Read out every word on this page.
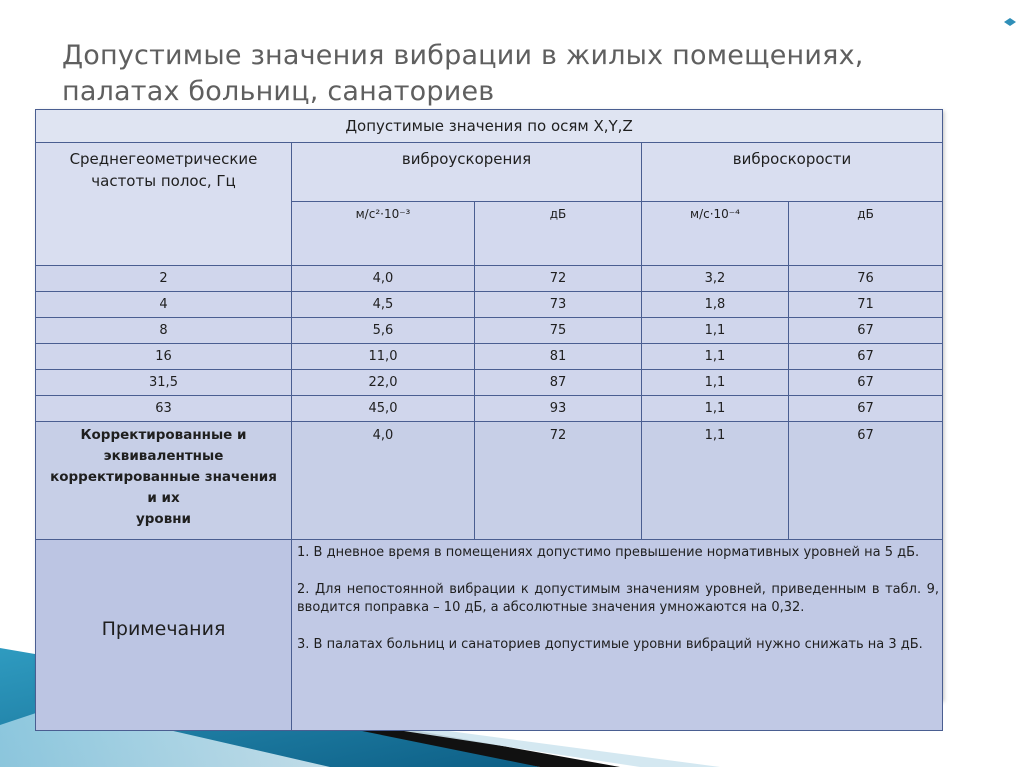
Допустимые значения вибрации в жилых помещениях,
палатах больниц, санаториев
Допустимые значения по осям X,Y,Z				
Среднегеометрические частоты полос, Гц	виброускорения		виброскорости	
	м/с²·10⁻³	дБ	м/с·10⁻⁴	дБ
2	4,0	72	3,2	76
4	4,5	73	1,8	71
8	5,6	75	1,1	67
16	11,0	81	1,1	67
31,5	22,0	87	1,1	67
63	45,0	93	1,1	67

Корректированные и
эквивалентные
корректированные значения
и их
уровни	4,0	72	1,1	67
Примечания	1. В дневное время в помещениях допустимо превышение нормативных уровней на 5 дБ.

2. Для непостоянной вибрации к допустимым значениям уровней, приведенным в табл. 9, вводится поправка – 10 дБ, а абсолютные значения умножаются на 0,32.

3. В палатах больниц и санаториев допустимые уровни вибраций нужно снижать на 3 дБ.			
